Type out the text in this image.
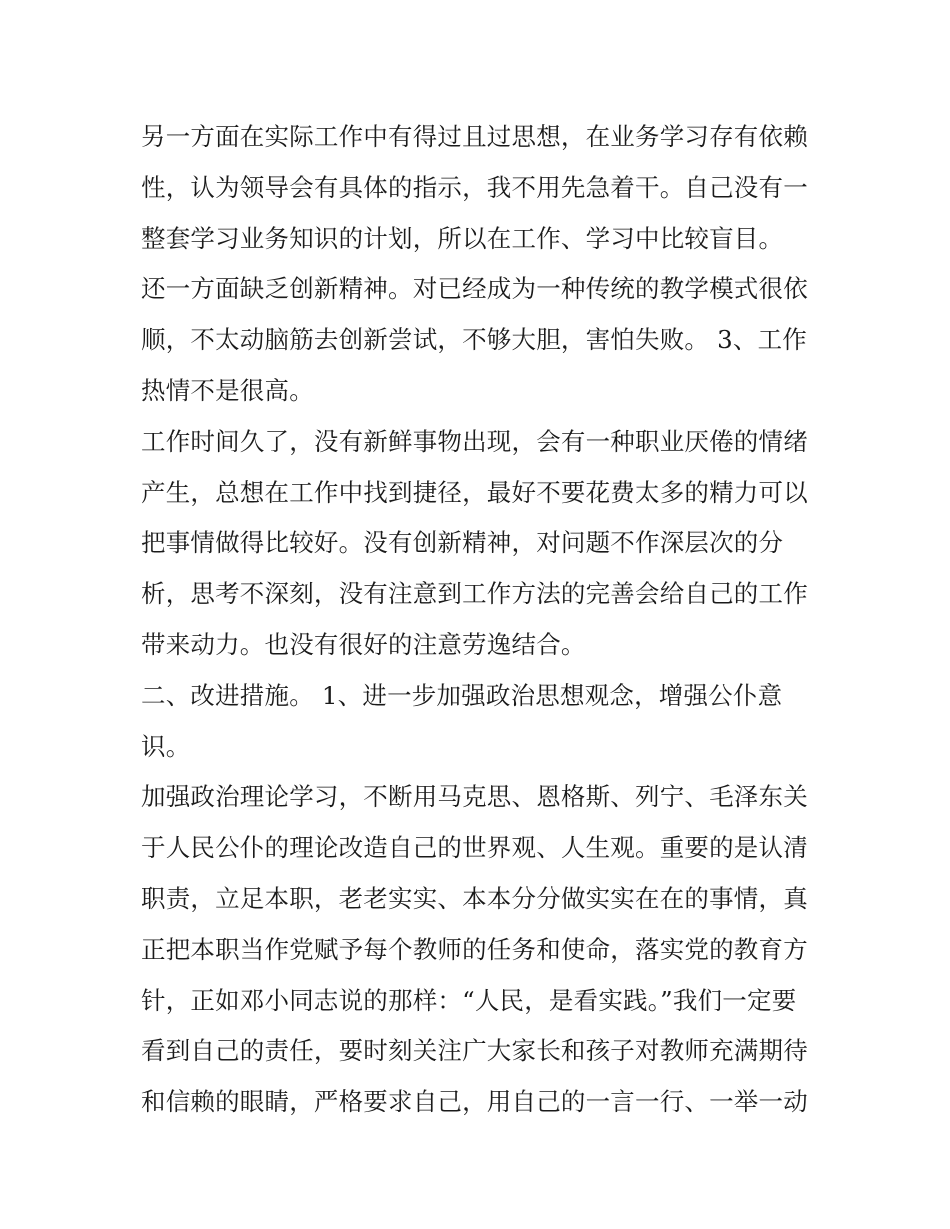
另一方面在实际工作中有得过且过思想，在业务学习存有依赖
性，认为领导会有具体的指示，我不用先急着干。自己没有一
整套学习业务知识的计划，所以在工作、学习中比较盲目。
还一方面缺乏创新精神。对已经成为一种传统的教学模式很依
顺，不太动脑筋去创新尝试，不够大胆，害怕失败。 3、工作
热情不是很高。
工作时间久了，没有新鲜事物出现，会有一种职业厌倦的情绪
产生，总想在工作中找到捷径，最好不要花费太多的精力可以
把事情做得比较好。没有创新精神，对问题不作深层次的分
析，思考不深刻，没有注意到工作方法的完善会给自己的工作
带来动力。也没有很好的注意劳逸结合。
二、改进措施。 1、进一步加强政治思想观念，增强公仆意
识。
加强政治理论学习，不断用马克思、恩格斯、列宁、毛泽东关
于人民公仆的理论改造自己的世界观、人生观。重要的是认清
职责，立足本职，老老实实、本本分分做实实在在的事情，真
正把本职当作党赋予每个教师的任务和使命，落实党的教育方
针，正如邓小同志说的那样：“人民，是看实践。”我们一定要
看到自己的责任，要时刻关注广大家长和孩子对教师充满期待
和信赖的眼睛，严格要求自己，用自己的一言一行、一举一动
